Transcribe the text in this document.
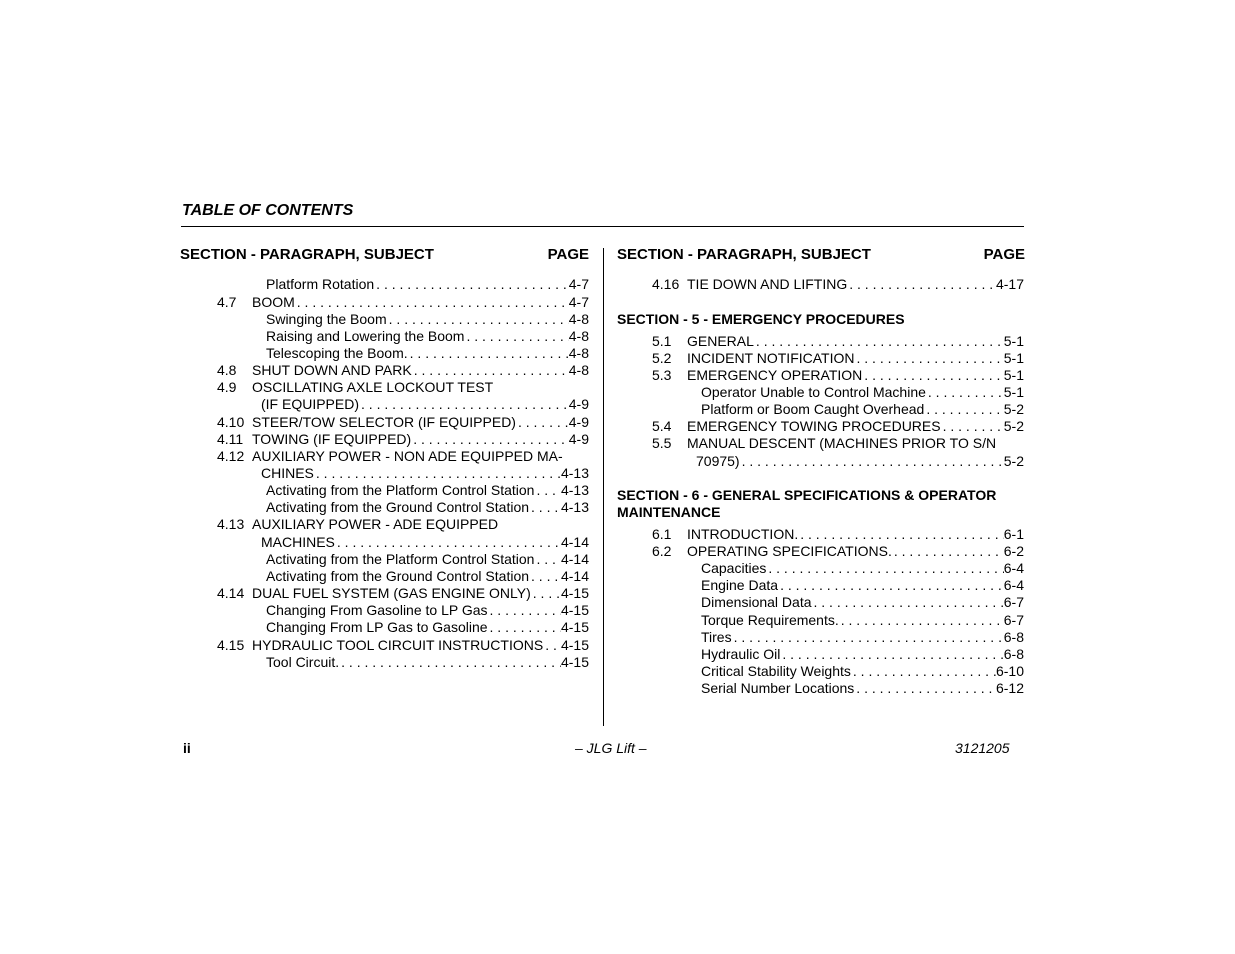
TABLE OF CONTENTS
SECTION - PARAGRAPH, SUBJECT	PAGE SECTION - PARAGRAPH, SUBJECT	PAGE
Platform Rotation . . .	4-7
4.7	BOOM . . .	4-7
Swinging the Boom . . .	4-8
Raising and Lowering the Boom . . .	4-8
Telescoping the Boom. . . .	4-8
4.8	SHUT DOWN AND PARK . . .	4-8
4.9	OSCILLATING AXLE LOCKOUT TEST
(IF EQUIPPED) . . .	4-9
4.10 STEER/TOW SELECTOR (IF EQUIPPED) . . .	4-9
4.11 TOWING (IF EQUIPPED) . . .	4-9
4.12 AUXILIARY POWER - NON ADE EQUIPPED MA-
CHINES . . .	4-13
Activating from the Platform Control Station . . . 4-13
Activating from the Ground Control Station . . . 4-13
4.13 AUXILIARY POWER - ADE EQUIPPED
MACHINES . . .	4-14
Activating from the Platform Control Station . . . 4-14
Activating from the Ground Control Station . . . 4-14
4.14 DUAL FUEL SYSTEM (GAS ENGINE ONLY) . . . 4-15
Changing From Gasoline to LP Gas . . .	4-15
Changing From LP Gas to Gasoline . . .	4-15
4.15 HYDRAULIC TOOL CIRCUIT INSTRUCTIONS . . . 4-15
Tool Circuit. . . .	4-15
4.16 TIE DOWN AND LIFTING . . .	4-17
SECTION - 5 - EMERGENCY PROCEDURES
5.1	GENERAL . . .	5-1
5.2	INCIDENT NOTIFICATION . . .	5-1
5.3	EMERGENCY OPERATION . . .	5-1
Operator Unable to Control Machine . . .	5-1
Platform or Boom Caught Overhead . . .	5-2
5.4	EMERGENCY TOWING PROCEDURES . . .	5-2
5.5	MANUAL DESCENT (MACHINES PRIOR TO S/N
70975) . . .	5-2
SECTION - 6 - GENERAL SPECIFICATIONS & OPERATOR
MAINTENANCE
6.1	INTRODUCTION. . . .	6-1
6.2	OPERATING SPECIFICATIONS. . . .	6-2
Capacities . . .	6-4
Engine Data . . .	6-4
Dimensional Data . . .	6-7
Torque Requirements. . . .	6-7
Tires . . .	6-8
Hydraulic Oil . . .	6-8
Critical Stability Weights . . .	6-10
Serial Number Locations . . .	6-12
ii	– JLG Lift –	3121205
